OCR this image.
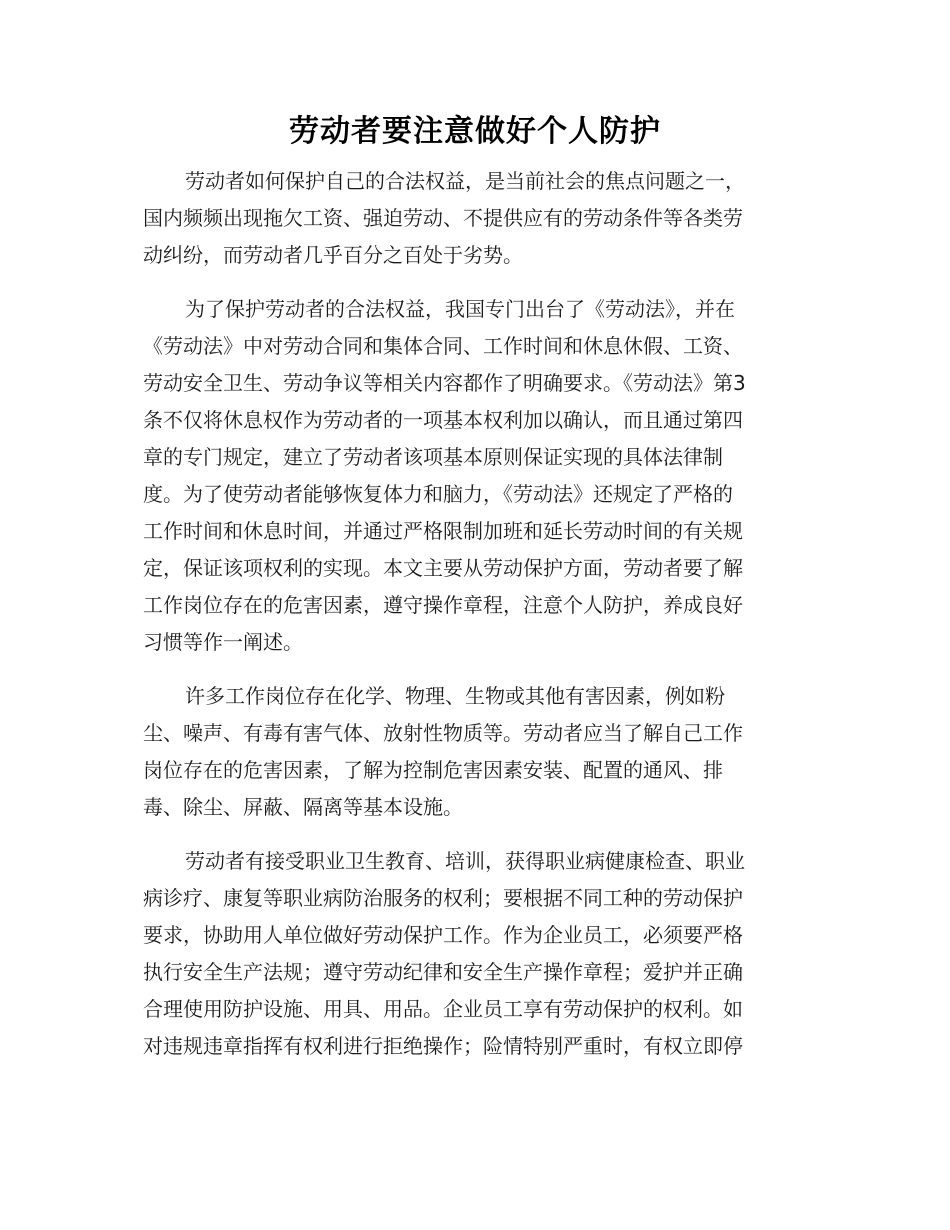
劳动者要注意做好个人防护

劳动者如何保护自己的合法权益，是当前社会的焦点问题之一，
国内频频出现拖欠工资、强迫劳动、不提供应有的劳动条件等各类劳
动纠纷，而劳动者几乎百分之百处于劣势。

为了保护劳动者的合法权益，我国专门出台了《劳动法》，并在
《劳动法》中对劳动合同和集体合同、工作时间和休息休假、工资、
劳动安全卫生、劳动争议等相关内容都作了明确要求。《劳动法》第3
条不仅将休息权作为劳动者的一项基本权利加以确认，而且通过第四
章的专门规定，建立了劳动者该项基本原则保证实现的具体法律制
度。为了使劳动者能够恢复体力和脑力，《劳动法》还规定了严格的
工作时间和休息时间，并通过严格限制加班和延长劳动时间的有关规
定，保证该项权利的实现。本文主要从劳动保护方面，劳动者要了解
工作岗位存在的危害因素，遵守操作章程，注意个人防护，养成良好
习惯等作一阐述。

许多工作岗位存在化学、物理、生物或其他有害因素，例如粉
尘、噪声、有毒有害气体、放射性物质等。劳动者应当了解自己工作
岗位存在的危害因素，了解为控制危害因素安装、配置的通风、排
毒、除尘、屏蔽、隔离等基本设施。

劳动者有接受职业卫生教育、培训，获得职业病健康检查、职业
病诊疗、康复等职业病防治服务的权利；要根据不同工种的劳动保护
要求，协助用人单位做好劳动保护工作。作为企业员工，必须要严格
执行安全生产法规；遵守劳动纪律和安全生产操作章程；爱护并正确
合理使用防护设施、用具、用品。企业员工享有劳动保护的权利。如
对违规违章指挥有权利进行拒绝操作；险情特别严重时，有权立即停
